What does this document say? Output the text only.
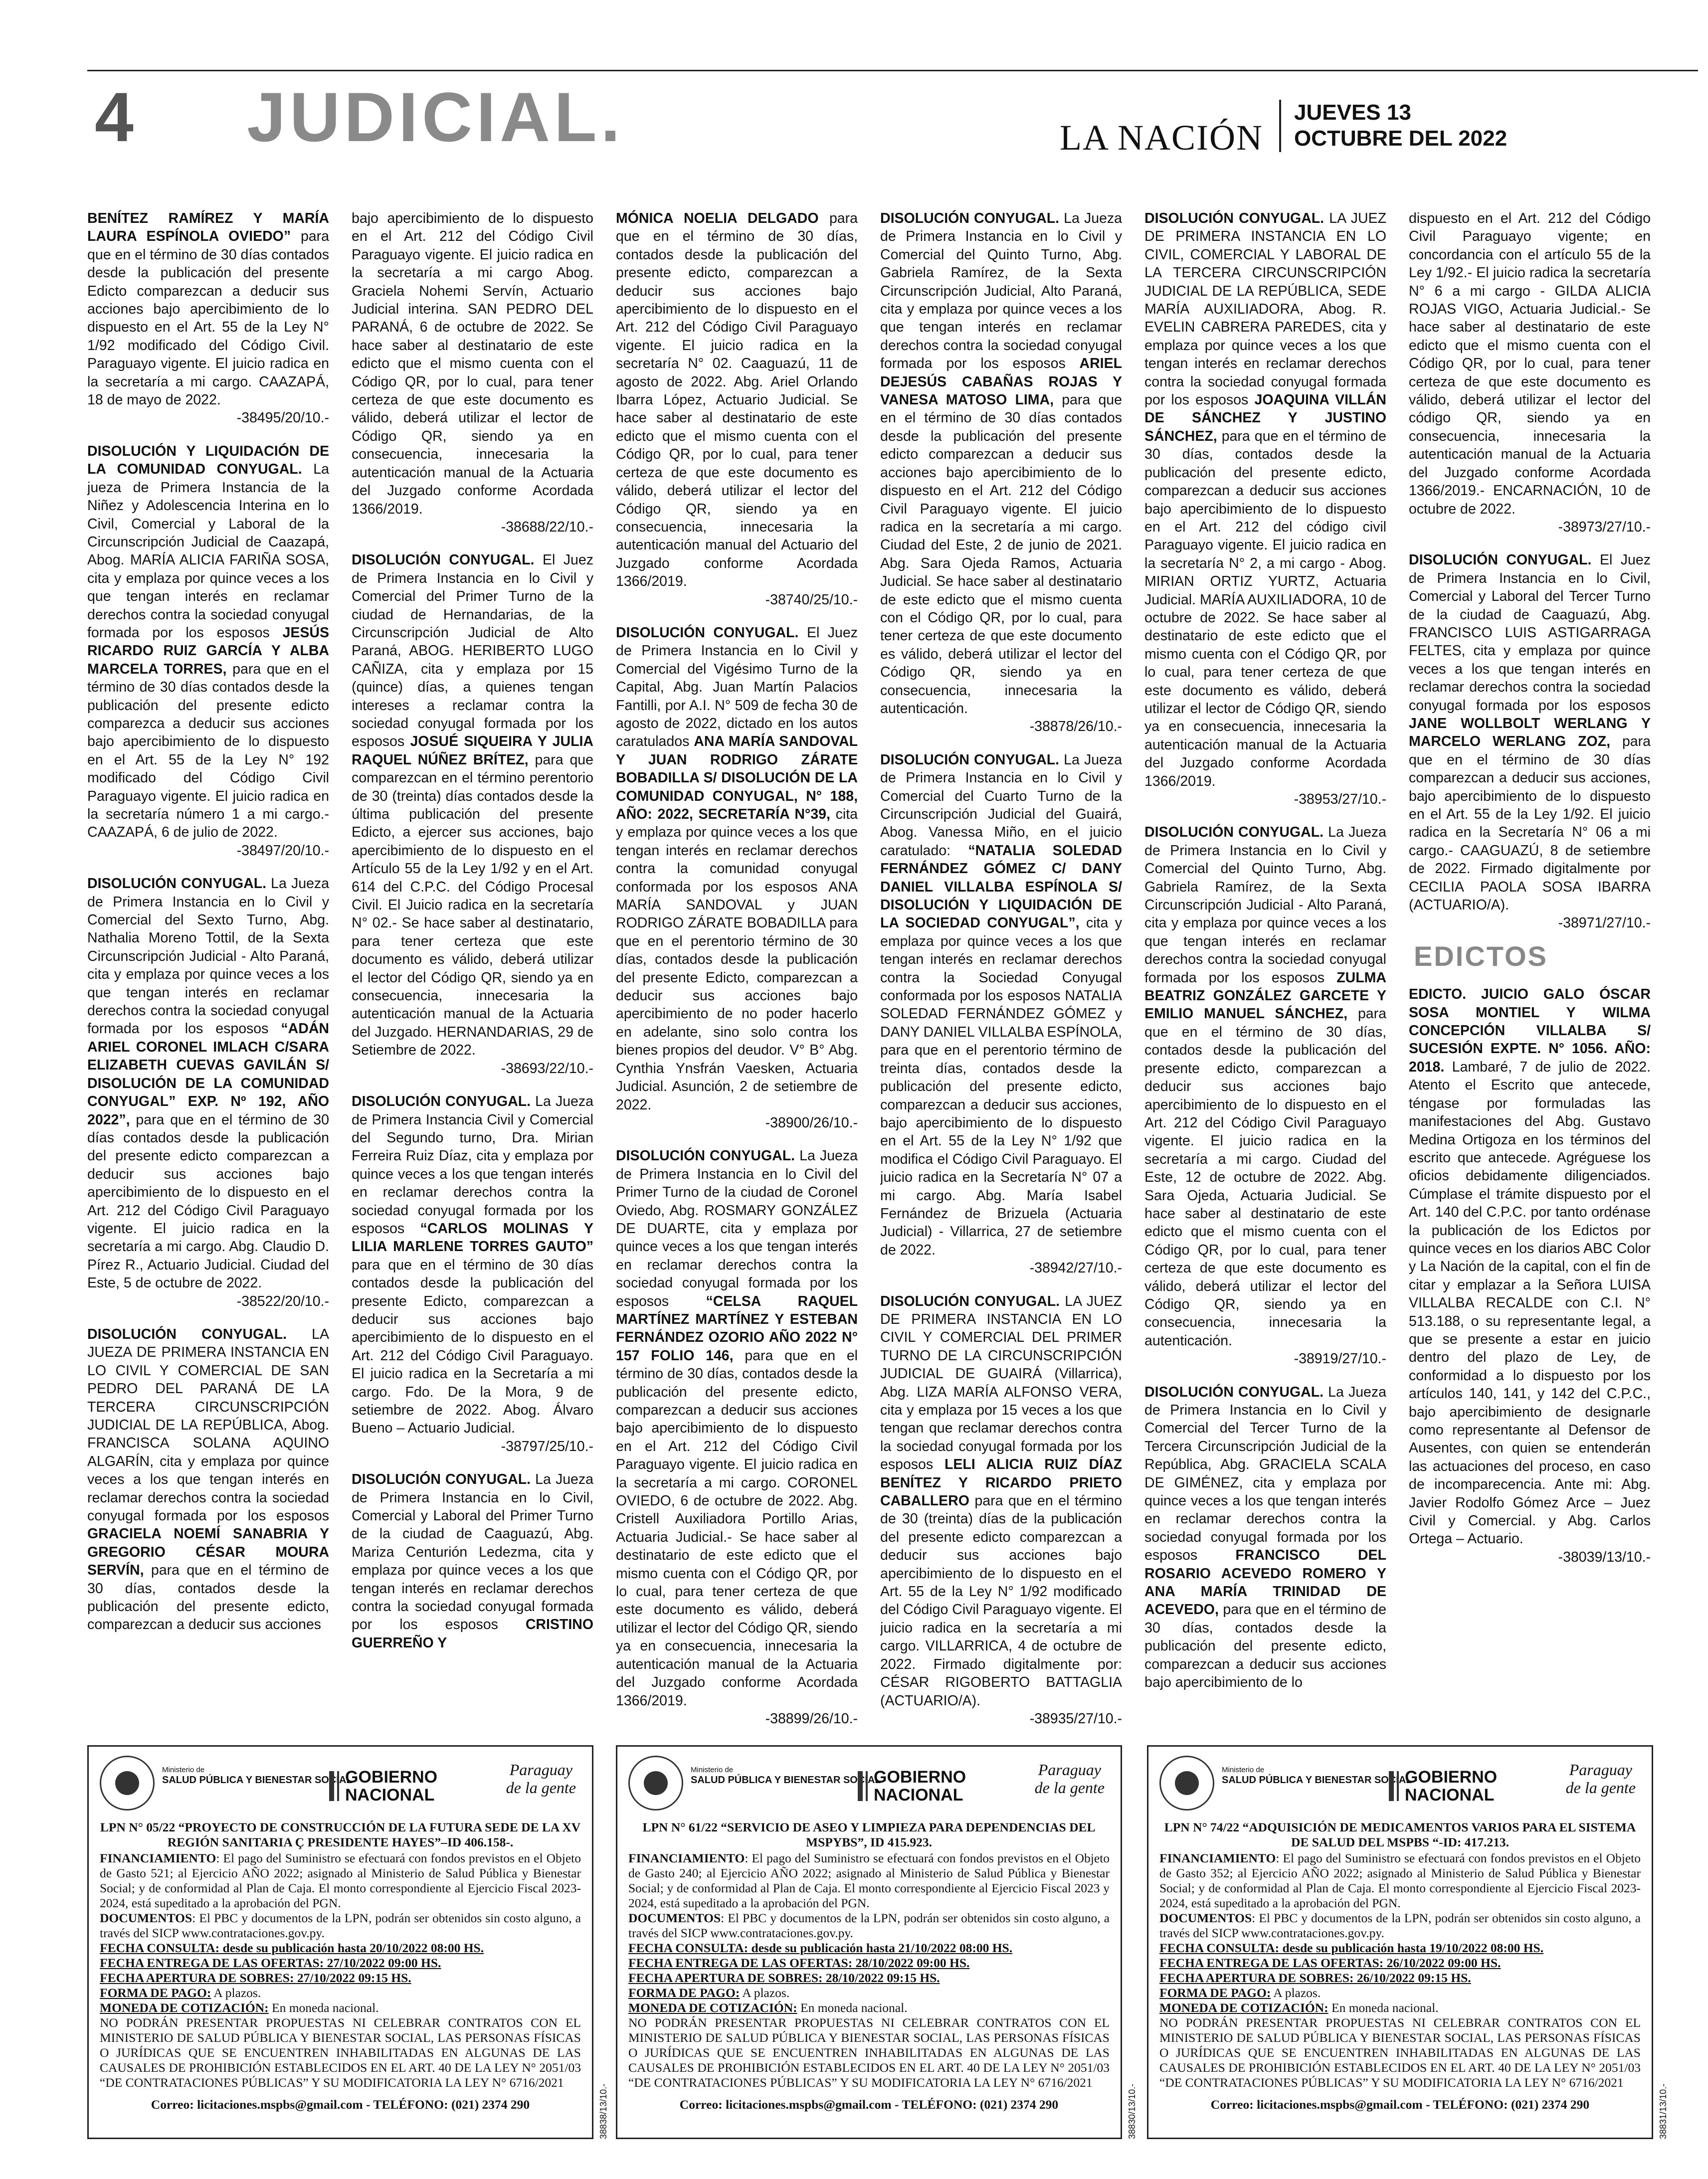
4 JUDICIAL.	LA NACIÓN
JUEVES 13
OCTUBRE DEL 2022

BENÍTEZ RAMÍREZ Y MARÍA LAURA ESPÍNOLA OVIEDO” para que en el término de 30 días contados desde la publicación del presente Edicto comparezcan a deducir sus acciones bajo apercibimiento de lo dispuesto en el Art. 55 de la Ley N° 1/92 modificado del Código Civil. Paraguayo vigente. El juicio radica en la secretaría a mi cargo. CAAZAPÁ, 18 de mayo de 2022.
-38495/20/10.-

DISOLUCIÓN Y LIQUIDACIÓN DE LA COMUNIDAD CONYUGAL. La jueza de Primera Instancia de la Niñez y Adolescencia Interina en lo Civil, Comercial y Laboral de la Circunscripción Judicial de Caazapá, Abog. MARÍA ALICIA FARIÑA SOSA, cita y emplaza por quince veces a los que tengan interés en reclamar derechos contra la sociedad conyugal formada por los esposos JESÚS RICARDO RUIZ GARCÍA Y ALBA MARCELA TORRES, para que en el término de 30 días contados desde la publicación del presente edicto comparezca a deducir sus acciones bajo apercibimiento de lo dispuesto en el Art. 55 de la Ley N° 192 modificado del Código Civil Paraguayo vigente. El juicio radica en la secretaría número 1 a mi cargo.- CAAZAPÁ, 6 de julio de 2022.
-38497/20/10.-

DISOLUCIÓN CONYUGAL. La Jueza de Primera Instancia en lo Civil y Comercial del Sexto Turno, Abg. Nathalia Moreno Tottil, de la Sexta Circunscripción Judicial - Alto Paraná, cita y emplaza por quince veces a los que tengan interés en reclamar derechos contra la sociedad conyugal formada por los esposos “ADÁN ARIEL CORONEL IMLACH C/SARA ELIZABETH CUEVAS GAVILÁN S/ DISOLUCIÓN DE LA COMUNIDAD CONYUGAL” EXP. Nº 192, AÑO 2022”, para que en el término de 30 días contados desde la publicación del presente edicto comparezcan a deducir sus acciones bajo apercibimiento de lo dispuesto en el Art. 212 del Código Civil Paraguayo vigente. El juicio radica en la secretaría a mi cargo. Abg. Claudio D. Pírez R., Actuario Judicial. Ciudad del Este, 5 de octubre de 2022.
-38522/20/10.-

DISOLUCIÓN CONYUGAL. LA JUEZA DE PRIMERA INSTANCIA EN LO CIVIL Y COMERCIAL DE SAN PEDRO DEL PARANÁ DE LA TERCERA CIRCUNSCRIPCIÓN JUDICIAL DE LA REPÚBLICA, Abog. FRANCISCA SOLANA AQUINO ALGARÍN, cita y emplaza por quince veces a los que tengan interés en reclamar derechos contra la sociedad conyugal formada por los esposos GRACIELA NOEMÍ SANABRIA Y GREGORIO CÉSAR MOURA SERVÍN, para que en el término de 30 días, contados desde la publicación del presente edicto, comparezcan a deducir sus acciones

bajo apercibimiento de lo dispuesto en el Art. 212 del Código Civil Paraguayo vigente. El juicio radica en la secretaría a mi cargo Abog. Graciela Nohemi Servín, Actuario Judicial interina. SAN PEDRO DEL PARANÁ, 6 de octubre de 2022. Se hace saber al destinatario de este edicto que el mismo cuenta con el Código QR, por lo cual, para tener certeza de que este documento es válido, deberá utilizar el lector de Código QR, siendo ya en consecuencia, innecesaria la autenticación manual de la Actuaria del Juzgado conforme Acordada 1366/2019.
-38688/22/10.-

DISOLUCIÓN CONYUGAL. El Juez de Primera Instancia en lo Civil y Comercial del Primer Turno de la ciudad de Hernandarias, de la Circunscripción Judicial de Alto Paraná, ABOG. HERIBERTO LUGO CAÑIZA, cita y emplaza por 15 (quince) días, a quienes tengan intereses a reclamar contra la sociedad conyugal formada por los esposos JOSUÉ SIQUEIRA Y JULIA RAQUEL NÚÑEZ BRÍTEZ, para que comparezcan en el término perentorio de 30 (treinta) días contados desde la última publicación del presente Edicto, a ejercer sus acciones, bajo apercibimiento de lo dispuesto en el Artículo 55 de la Ley 1/92 y en el Art. 614 del C.P.C. del Código Procesal Civil. El Juicio radica en la secretaría N° 02.- Se hace saber al destinatario, para tener certeza que este documento es válido, deberá utilizar el lector del Código QR, siendo ya en consecuencia, innecesaria la autenticación manual de la Actuaria del Juzgado. HERNANDARIAS, 29 de Setiembre de 2022.
-38693/22/10.-

DISOLUCIÓN CONYUGAL. La Jueza de Primera Instancia Civil y Comercial del Segundo turno, Dra. Mirian Ferreira Ruiz Díaz, cita y emplaza por quince veces a los que tengan interés en reclamar derechos contra la sociedad conyugal formada por los esposos “CARLOS MOLINAS Y LILIA MARLENE TORRES GAUTO” para que en el término de 30 días contados desde la publicación del presente Edicto, comparezcan a deducir sus acciones bajo apercibimiento de lo dispuesto en el Art. 212 del Código Civil Paraguayo. El juicio radica en la Secretaría a mi cargo. Fdo. De la Mora, 9 de setiembre de 2022. Abog. Álvaro Bueno – Actuario Judicial.
-38797/25/10.-

DISOLUCIÓN CONYUGAL. La Jueza de Primera Instancia en lo Civil, Comercial y Laboral del Primer Turno de la ciudad de Caaguazú, Abg. Mariza Centurión Ledezma, cita y emplaza por quince veces a los que tengan interés en reclamar derechos contra la sociedad conyugal formada por los esposos CRISTINO GUERREÑO Y

MÓNICA NOELIA DELGADO para que en el término de 30 días, contados desde la publicación del presente edicto, comparezcan a deducir sus acciones bajo apercibimiento de lo dispuesto en el Art. 212 del Código Civil Paraguayo vigente. El juicio radica en la secretaría N° 02. Caaguazú, 11 de agosto de 2022. Abg. Ariel Orlando Ibarra López, Actuario Judicial. Se hace saber al destinatario de este edicto que el mismo cuenta con el Código QR, por lo cual, para tener certeza de que este documento es válido, deberá utilizar el lector del Código QR, siendo ya en consecuencia, innecesaria la autenticación manual del Actuario del Juzgado conforme Acordada 1366/2019.
-38740/25/10.-

DISOLUCIÓN CONYUGAL. El Juez de Primera Instancia en lo Civil y Comercial del Vigésimo Turno de la Capital, Abg. Juan Martín Palacios Fantilli, por A.I. N° 509 de fecha 30 de agosto de 2022, dictado en los autos caratulados ANA MARÍA SANDOVAL Y JUAN RODRIGO ZÁRATE BOBADILLA S/ DISOLUCIÓN DE LA COMUNIDAD CONYUGAL, N° 188, AÑO: 2022, SECRETARÍA N°39, cita y emplaza por quince veces a los que tengan interés en reclamar derechos contra la comunidad conyugal conformada por los esposos ANA MARÍA SANDOVAL y JUAN RODRIGO ZÁRATE BOBADILLA para que en el perentorio término de 30 días, contados desde la publicación del presente Edicto, comparezcan a deducir sus acciones bajo apercibimiento de no poder hacerlo en adelante, sino solo contra los bienes propios del deudor. V° B° Abg. Cynthia Ynsfrán Vaesken, Actuaria Judicial. Asunción, 2 de setiembre de 2022.
-38900/26/10.-

DISOLUCIÓN CONYUGAL. La Jueza de Primera Instancia en lo Civil del Primer Turno de la ciudad de Coronel Oviedo, Abg. ROSMARY GONZÁLEZ DE DUARTE, cita y emplaza por quince veces a los que tengan interés en reclamar derechos contra la sociedad conyugal formada por los esposos “CELSA RAQUEL MARTÍNEZ MARTÍNEZ Y ESTEBAN FERNÁNDEZ OZORIO AÑO 2022 N° 157 FOLIO 146, para que en el término de 30 días, contados desde la publicación del presente edicto, comparezcan a deducir sus acciones bajo apercibimiento de lo dispuesto en el Art. 212 del Código Civil Paraguayo vigente. El juicio radica en la secretaría a mi cargo. CORONEL OVIEDO, 6 de octubre de 2022. Abg. Cristell Auxiliadora Portillo Arias, Actuaria Judicial.- Se hace saber al destinatario de este edicto que el mismo cuenta con el Código QR, por lo cual, para tener certeza de que este documento es válido, deberá utilizar el lector del Código QR, siendo ya en consecuencia, innecesaria la autenticación manual de la Actuaria del Juzgado conforme Acordada 1366/2019.
-38899/26/10.-

DISOLUCIÓN CONYUGAL. La Jueza de Primera Instancia en lo Civil y Comercial del Quinto Turno, Abg. Gabriela Ramírez, de la Sexta Circunscripción Judicial, Alto Paraná, cita y emplaza por quince veces a los que tengan interés en reclamar derechos contra la sociedad conyugal formada por los esposos ARIEL DEJESÚS CABAÑAS ROJAS Y VANESA MATOSO LIMA, para que en el término de 30 días contados desde la publicación del presente edicto comparezcan a deducir sus acciones bajo apercibimiento de lo dispuesto en el Art. 212 del Código Civil Paraguayo vigente. El juicio radica en la secretaría a mi cargo. Ciudad del Este, 2 de junio de 2021. Abg. Sara Ojeda Ramos, Actuaria Judicial. Se hace saber al destinatario de este edicto que el mismo cuenta con el Código QR, por lo cual, para tener certeza de que este documento es válido, deberá utilizar el lector del Código QR, siendo ya en consecuencia, innecesaria la autenticación.
-38878/26/10.-

DISOLUCIÓN CONYUGAL. La Jueza de Primera Instancia en lo Civil y Comercial del Cuarto Turno de la Circunscripción Judicial del Guairá, Abog. Vanessa Miño, en el juicio caratulado: “NATALIA SOLEDAD FERNÁNDEZ GÓMEZ C/ DANY DANIEL VILLALBA ESPÍNOLA S/ DISOLUCIÓN Y LIQUIDACIÓN DE LA SOCIEDAD CONYUGAL”, cita y emplaza por quince veces a los que tengan interés en reclamar derechos contra la Sociedad Conyugal conformada por los esposos NATALIA SOLEDAD FERNÁNDEZ GÓMEZ y DANY DANIEL VILLALBA ESPÍNOLA, para que en el perentorio término de treinta días, contados desde la publicación del presente edicto, comparezcan a deducir sus acciones, bajo apercibimiento de lo dispuesto en el Art. 55 de la Ley N° 1/92 que modifica el Código Civil Paraguayo. El juicio radica en la Secretaría N° 07 a mi cargo. Abg. María Isabel Fernández de Brizuela (Actuaria Judicial) - Villarrica, 27 de setiembre de 2022.
-38942/27/10.-

DISOLUCIÓN CONYUGAL. LA JUEZ DE PRIMERA INSTANCIA EN LO CIVIL Y COMERCIAL DEL PRIMER TURNO DE LA CIRCUNSCRIPCIÓN JUDICIAL DE GUAIRÁ (Villarrica), Abg. LIZA MARÍA ALFONSO VERA, cita y emplaza por 15 veces a los que tengan que reclamar derechos contra la sociedad conyugal formada por los esposos LELI ALICIA RUIZ DÍAZ BENÍTEZ Y RICARDO PRIETO CABALLERO para que en el término de 30 (treinta) días de la publicación del presente edicto comparezcan a deducir sus acciones bajo apercibimiento de lo dispuesto en el Art. 55 de la Ley N° 1/92 modificado del Código Civil Paraguayo vigente. El juicio radica en la secretaría a mi cargo. VILLARRICA, 4 de octubre de 2022. Firmado digitalmente por: CÉSAR RIGOBERTO BATTAGLIA (ACTUARIO/A).
-38935/27/10.-

DISOLUCIÓN CONYUGAL. LA JUEZ DE PRIMERA INSTANCIA EN LO CIVIL, COMERCIAL Y LABORAL DE LA TERCERA CIRCUNSCRIPCIÓN JUDICIAL DE LA REPÚBLICA, SEDE MARÍA AUXILIADORA, Abog. R. EVELIN CABRERA PAREDES, cita y emplaza por quince veces a los que tengan interés en reclamar derechos contra la sociedad conyugal formada por los esposos JOAQUINA VILLÁN DE SÁNCHEZ Y JUSTINO SÁNCHEZ, para que en el término de 30 días, contados desde la publicación del presente edicto, comparezcan a deducir sus acciones bajo apercibimiento de lo dispuesto en el Art. 212 del código civil Paraguayo vigente. El juicio radica en la secretaría N° 2, a mi cargo - Abog. MIRIAN ORTIZ YURTZ, Actuaria Judicial. MARÍA AUXILIADORA, 10 de octubre de 2022. Se hace saber al destinatario de este edicto que el mismo cuenta con el Código QR, por lo cual, para tener certeza de que este documento es válido, deberá utilizar el lector de Código QR, siendo ya en consecuencia, innecesaria la autenticación manual de la Actuaria del Juzgado conforme Acordada 1366/2019.
-38953/27/10.-

DISOLUCIÓN CONYUGAL. La Jueza de Primera Instancia en lo Civil y Comercial del Quinto Turno, Abg. Gabriela Ramírez, de la Sexta Circunscripción Judicial - Alto Paraná, cita y emplaza por quince veces a los que tengan interés en reclamar derechos contra la sociedad conyugal formada por los esposos ZULMA BEATRIZ GONZÁLEZ GARCETE Y EMILIO MANUEL SÁNCHEZ, para que en el término de 30 días, contados desde la publicación del presente edicto, comparezcan a deducir sus acciones bajo apercibimiento de lo dispuesto en el Art. 212 del Código Civil Paraguayo vigente. El juicio radica en la secretaría a mi cargo. Ciudad del Este, 12 de octubre de 2022. Abg. Sara Ojeda, Actuaria Judicial. Se hace saber al destinatario de este edicto que el mismo cuenta con el Código QR, por lo cual, para tener certeza de que este documento es válido, deberá utilizar el lector del Código QR, siendo ya en consecuencia, innecesaria la autenticación.
-38919/27/10.-

DISOLUCIÓN CONYUGAL. La Jueza de Primera Instancia en lo Civil y Comercial del Tercer Turno de la Tercera Circunscripción Judicial de la República, Abg. GRACIELA SCALA DE GIMÉNEZ, cita y emplaza por quince veces a los que tengan interés en reclamar derechos contra la sociedad conyugal formada por los esposos FRANCISCO DEL ROSARIO ACEVEDO ROMERO Y ANA MARÍA TRINIDAD DE ACEVEDO, para que en el término de 30 días, contados desde la publicación del presente edicto, comparezcan a deducir sus acciones bajo apercibimiento de lo

dispuesto en el Art. 212 del Código Civil Paraguayo vigente; en concordancia con el artículo 55 de la Ley 1/92.- El juicio radica la secretaría N° 6 a mi cargo - GILDA ALICIA ROJAS VIGO, Actuaria Judicial.- Se hace saber al destinatario de este edicto que el mismo cuenta con el Código QR, por lo cual, para tener certeza de que este documento es válido, deberá utilizar el lector del código QR, siendo ya en consecuencia, innecesaria la autenticación manual de la Actuaria del Juzgado conforme Acordada 1366/2019.- ENCARNACIÓN, 10 de octubre de 2022.
-38973/27/10.-

DISOLUCIÓN CONYUGAL. El Juez de Primera Instancia en lo Civil, Comercial y Laboral del Tercer Turno de la ciudad de Caaguazú, Abg. FRANCISCO LUIS ASTIGARRAGA FELTES, cita y emplaza por quince veces a los que tengan interés en reclamar derechos contra la sociedad conyugal formada por los esposos JANE WOLLBOLT WERLANG Y MARCELO WERLANG ZOZ, para que en el término de 30 días comparezcan a deducir sus acciones, bajo apercibimiento de lo dispuesto en el Art. 55 de la Ley 1/92. El juicio radica en la Secretaría N° 06 a mi cargo.- CAAGUAZÚ, 8 de setiembre de 2022. Firmado digitalmente por CECILIA PAOLA SOSA IBARRA (ACTUARIO/A).
-38971/27/10.-

EDICTOS

EDICTO. JUICIO GALO ÓSCAR SOSA MONTIEL Y WILMA CONCEPCIÓN VILLALBA S/ SUCESIÓN EXPTE. N° 1056. AÑO: 2018. Lambaré, 7 de julio de 2022. Atento el Escrito que antecede, téngase por formuladas las manifestaciones del Abg. Gustavo Medina Ortigoza en los términos del escrito que antecede. Agréguese los oficios debidamente diligenciados. Cúmplase el trámite dispuesto por el Art. 140 del C.P.C. por tanto ordénase la publicación de los Edictos por quince veces en los diarios ABC Color y La Nación de la capital, con el fin de citar y emplazar a la Señora LUISA VILLALBA RECALDE con C.I. N° 513.188, o su representante legal, a que se presente a estar en juicio dentro del plazo de Ley, de conformidad a lo dispuesto por los artículos 140, 141, y 142 del C.P.C., bajo apercibimiento de designarle como representante al Defensor de Ausentes, con quien se entenderán las actuaciones del proceso, en caso de incomparecencia. Ante mi: Abg. Javier Rodolfo Gómez Arce – Juez Civil y Comercial. y Abg. Carlos Ortega – Actuario.
-38039/13/10.-

Ministerio de
SALUD PÚBLICA Y BIENESTAR SOCIAL
GOBIERNO
NACIONAL
Paraguay
de la gente
LPN N° 05/22 “PROYECTO DE CONSTRUCCIÓN DE LA FUTURA SEDE DE LA XV REGIÓN SANITARIA Ç PRESIDENTE HAYES”–ID 406.158-.

FINANCIAMIENTO: El pago del Suministro se efectuará con fondos previstos en el Objeto de Gasto 521; al Ejercicio AÑO 2022; asignado al Ministerio de Salud Pública y Bienestar Social; y de conformidad al Plan de Caja. El monto correspondiente al Ejercicio Fiscal 2023-2024, está supeditado a la aprobación del PGN.

DOCUMENTOS: El PBC y documentos de la LPN, podrán ser obtenidos sin costo alguno, a través del SICP www.contrataciones.gov.py.

FECHA CONSULTA: desde su publicación hasta 20/10/2022 08:00 HS.

FECHA ENTREGA DE LAS OFERTAS: 27/10/2022 09:00 HS.

FECHA APERTURA DE SOBRES: 27/10/2022 09:15 HS.

FORMA DE PAGO: A plazos.

MONEDA DE COTIZACIÓN: En moneda nacional.

NO PODRÁN PRESENTAR PROPUESTAS NI CELEBRAR CONTRATOS CON EL MINISTERIO DE SALUD PÚBLICA Y BIENESTAR SOCIAL, LAS PERSONAS FÍSICAS O JURÍDICAS QUE SE ENCUENTREN INHABILITADAS EN ALGUNAS DE LAS CAUSALES DE PROHIBICIÓN ESTABLECIDOS EN EL ART. 40 DE LA LEY N° 2051/03 “DE CONTRATACIONES PÚBLICAS” Y SU MODIFICATORIA LA LEY N° 6716/2021

Correo: licitaciones.mspbs@gmail.com - TELÉFONO: (021) 2374 290	38838/13/10.-
Ministerio de
SALUD PÚBLICA Y BIENESTAR SOCIAL
GOBIERNO
NACIONAL
Paraguay
de la gente
LPN N° 61/22 “SERVICIO DE ASEO Y LIMPIEZA PARA DEPENDENCIAS DEL MSPYBS”, ID 415.923.

FINANCIAMIENTO: El pago del Suministro se efectuará con fondos previstos en el Objeto de Gasto 240; al Ejercicio AÑO 2022; asignado al Ministerio de Salud Pública y Bienestar Social; y de conformidad al Plan de Caja. El monto correspondiente al Ejercicio Fiscal 2023 y 2024, está supeditado a la aprobación del PGN.

DOCUMENTOS: El PBC y documentos de la LPN, podrán ser obtenidos sin costo alguno, a través del SICP www.contrataciones.gov.py.

FECHA CONSULTA: desde su publicación hasta 21/10/2022 08:00 HS.

FECHA ENTREGA DE LAS OFERTAS: 28/10/2022 09:00 HS.

FECHA APERTURA DE SOBRES: 28/10/2022 09:15 HS.

FORMA DE PAGO: A plazos.

MONEDA DE COTIZACIÓN: En moneda nacional.

NO PODRÁN PRESENTAR PROPUESTAS NI CELEBRAR CONTRATOS CON EL MINISTERIO DE SALUD PÚBLICA Y BIENESTAR SOCIAL, LAS PERSONAS FÍSICAS O JURÍDICAS QUE SE ENCUENTREN INHABILITADAS EN ALGUNAS DE LAS CAUSALES DE PROHIBICIÓN ESTABLECIDOS EN EL ART. 40 DE LA LEY N° 2051/03 “DE CONTRATACIONES PÚBLICAS” Y SU MODIFICATORIA LA LEY N° 6716/2021

Correo: licitaciones.mspbs@gmail.com - TELÉFONO: (021) 2374 290	38830/13/10.-
Ministerio de
SALUD PÚBLICA Y BIENESTAR SOCIAL
GOBIERNO
NACIONAL
Paraguay
de la gente
LPN N° 74/22 “ADQUISICIÓN DE MEDICAMENTOS VARIOS PARA EL SISTEMA DE SALUD DEL MSPBS “-ID: 417.213.

FINANCIAMIENTO: El pago del Suministro se efectuará con fondos previstos en el Objeto de Gasto 352; al Ejercicio AÑO 2022; asignado al Ministerio de Salud Pública y Bienestar Social; y de conformidad al Plan de Caja. El monto correspondiente al Ejercicio Fiscal 2023-2024, está supeditado a la aprobación del PGN.

DOCUMENTOS: El PBC y documentos de la LPN, podrán ser obtenidos sin costo alguno, a través del SICP www.contrataciones.gov.py.

FECHA CONSULTA: desde su publicación hasta 19/10/2022 08:00 HS.

FECHA ENTREGA DE LAS OFERTAS: 26/10/2022 09:00 HS.

FECHA APERTURA DE SOBRES: 26/10/2022 09:15 HS.

FORMA DE PAGO: A plazos.

MONEDA DE COTIZACIÓN: En moneda nacional.

NO PODRÁN PRESENTAR PROPUESTAS NI CELEBRAR CONTRATOS CON EL MINISTERIO DE SALUD PÚBLICA Y BIENESTAR SOCIAL, LAS PERSONAS FÍSICAS O JURÍDICAS QUE SE ENCUENTREN INHABILITADAS EN ALGUNAS DE LAS CAUSALES DE PROHIBICIÓN ESTABLECIDOS EN EL ART. 40 DE LA LEY N° 2051/03 “DE CONTRATACIONES PÚBLICAS” Y SU MODIFICATORIA LA LEY N° 6716/2021

Correo: licitaciones.mspbs@gmail.com - TELÉFONO: (021) 2374 290	38831/13/10.-
